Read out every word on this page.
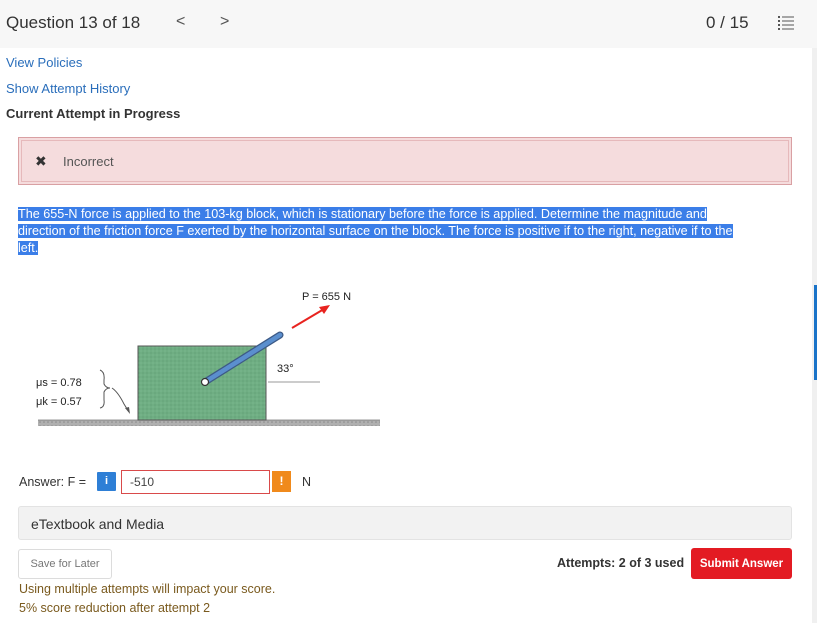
Question 13 of 18 < >	0 / 15
View Policies
Show Attempt History
Current Attempt in Progress
✖ Incorrect
The 655-N force is applied to the 103-kg block, which is stationary before the force is applied. Determine the magnitude and
direction of the friction force F exerted by the horizontal surface on the block. The force is positive if to the right, negative if to the
left.
P = 655 N
33°
μs = 0.78
μk = 0.57
Answer: F =	i
-510	!	N
eTextbook and Media
Save for Later	Attempts: 2 of 3 used	Submit Answer
Using multiple attempts will impact your score.
5% score reduction after attempt 2
